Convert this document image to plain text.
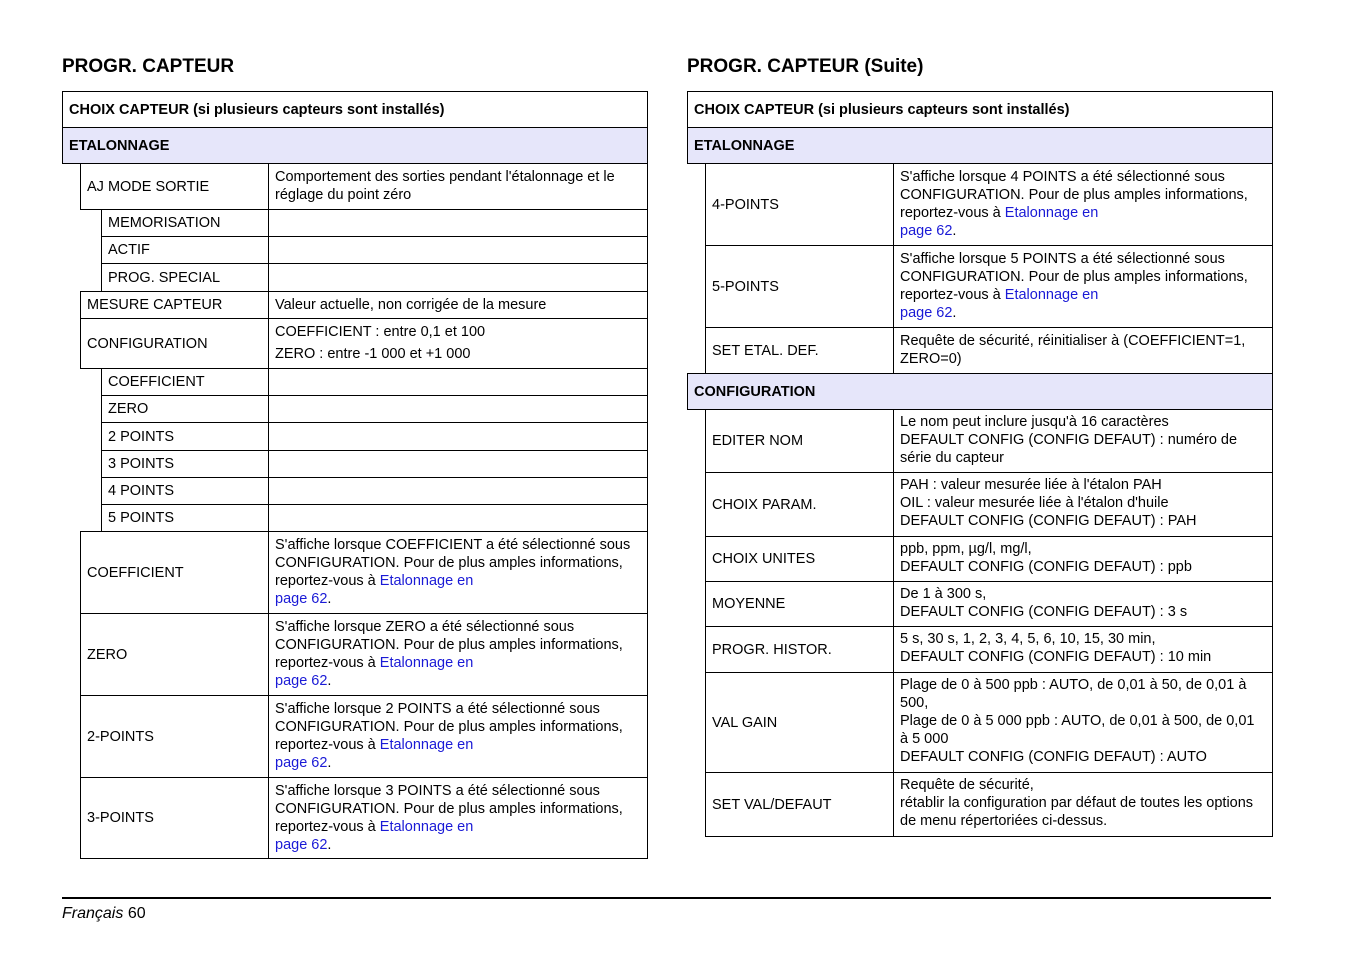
PROGR. CAPTEUR
CHOIX CAPTEUR (si plusieurs capteurs sont installés)
ETALONNAGE
AJ MODE SORTIE
Comportement des sorties pendant l'étalonnage et le réglage du point zéro
MEMORISATION
ACTIF
PROG. SPECIAL
MESURE CAPTEUR	Valeur actuelle, non corrigée de la mesure
CONFIGURATION
COEFFICIENT : entre 0,1 et 100
ZERO : entre -1 000 et +1 000
COEFFICIENT
ZERO
2 POINTS
3 POINTS
4 POINTS
5 POINTS
COEFFICIENT
S'affiche lorsque COEFFICIENT a été sélectionné sous CONFIGURATION. Pour de plus amples informations, reportez-vous à Etalonnage en
page 62.
ZERO
S'affiche lorsque ZERO a été sélectionné sous CONFIGURATION. Pour de plus amples informations, reportez-vous à Etalonnage en
page 62.
2-POINTS
S'affiche lorsque 2 POINTS a été sélectionné sous CONFIGURATION. Pour de plus amples informations, reportez-vous à Etalonnage en
page 62.
3-POINTS
S'affiche lorsque 3 POINTS a été sélectionné sous CONFIGURATION. Pour de plus amples informations, reportez-vous à Etalonnage en
page 62.
PROGR. CAPTEUR (Suite)
CHOIX CAPTEUR (si plusieurs capteurs sont installés)
ETALONNAGE
4-POINTS
S'affiche lorsque 4 POINTS a été sélectionné sous CONFIGURATION. Pour de plus amples informations, reportez-vous à Etalonnage en
page 62.
5-POINTS
S'affiche lorsque 5 POINTS a été sélectionné sous CONFIGURATION. Pour de plus amples informations, reportez-vous à Etalonnage en
page 62.
SET ETAL. DEF.
Requête de sécurité, réinitialiser à (COEFFICIENT=1, ZERO=0)
CONFIGURATION
EDITER NOM
Le nom peut inclure jusqu'à 16 caractères
DEFAULT CONFIG (CONFIG DEFAUT) : numéro de série du capteur
CHOIX PARAM.
PAH : valeur mesurée liée à l'étalon PAH
OIL : valeur mesurée liée à l'étalon d'huile
DEFAULT CONFIG (CONFIG DEFAUT) : PAH
CHOIX UNITES
ppb, ppm, µg/l, mg/l,
DEFAULT CONFIG (CONFIG DEFAUT) : ppb
MOYENNE
De 1 à 300 s,
DEFAULT CONFIG (CONFIG DEFAUT) : 3 s
PROGR. HISTOR.
5 s, 30 s, 1, 2, 3, 4, 5, 6, 10, 15, 30 min,
DEFAULT CONFIG (CONFIG DEFAUT) : 10 min
VAL GAIN
Plage de 0 à 500 ppb : AUTO, de 0,01 à 50, de 0,01 à 500,
Plage de 0 à 5 000 ppb : AUTO, de 0,01 à 500, de 0,01 à 5 000
DEFAULT CONFIG (CONFIG DEFAUT) : AUTO
SET VAL/DEFAUT
Requête de sécurité,
rétablir la configuration par défaut de toutes les options de menu répertoriées ci-dessus.
Français 60
